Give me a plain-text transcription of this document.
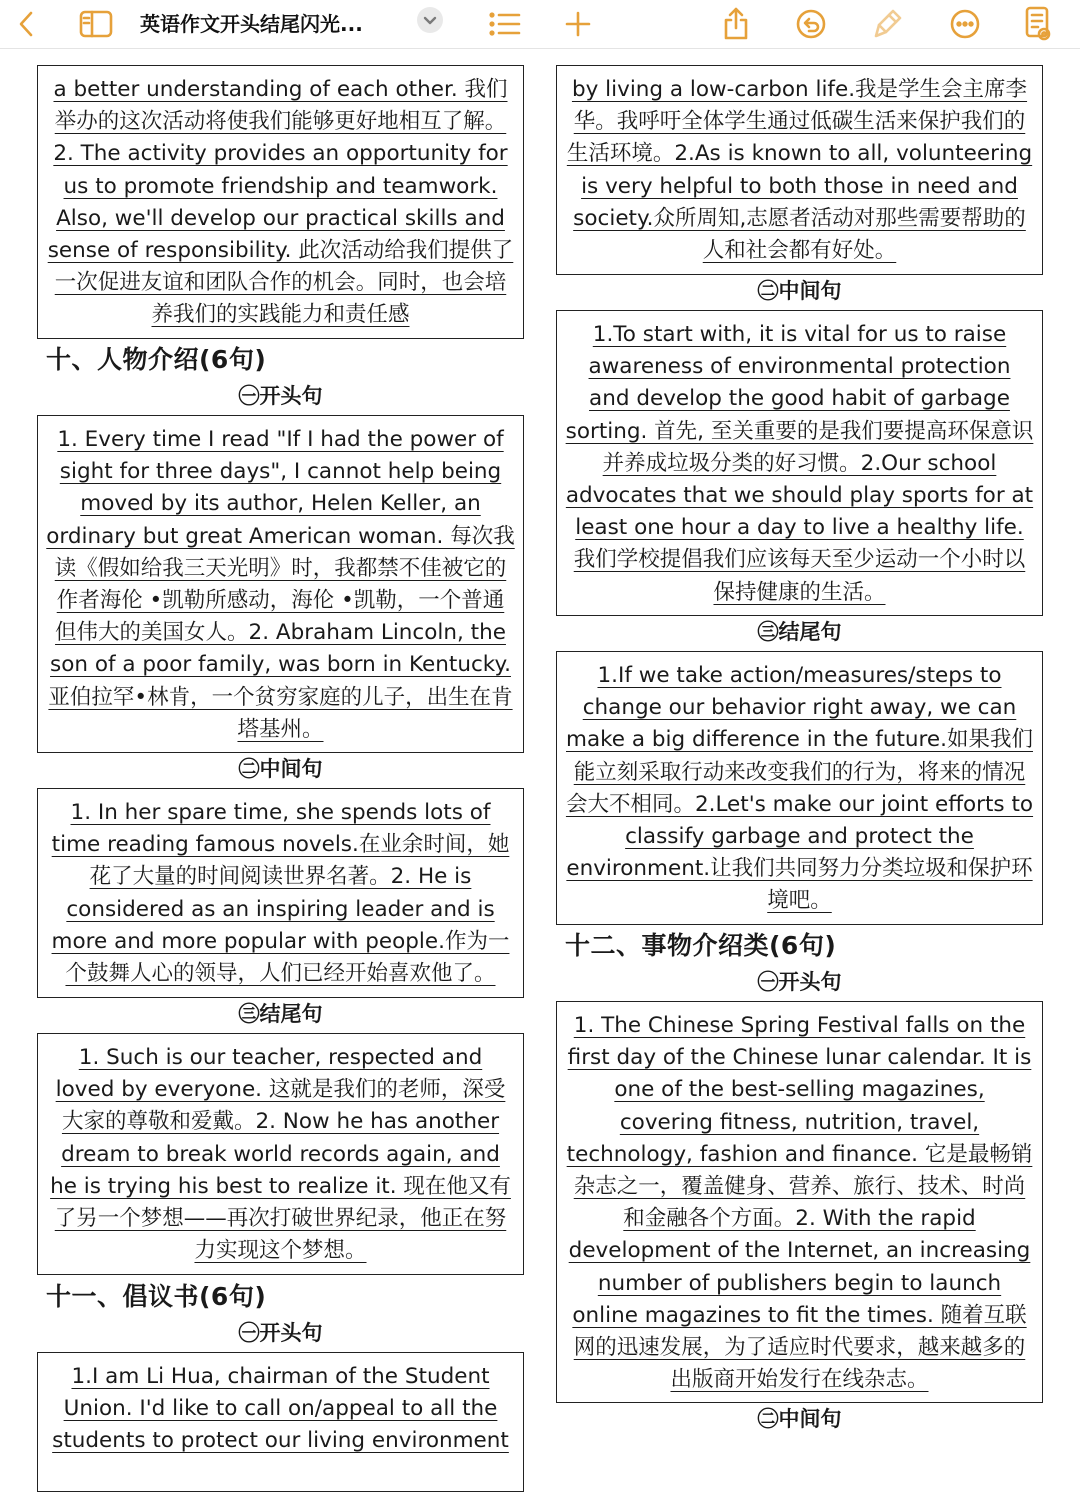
英语作文开头结尾闪光...
a better understanding of each other. 我们举办的这次活动将使我们能够更好地相互了解。2. The activity provides an opportunity for us to promote friendship and teamwork. Also, we'll develop our practical skills and sense of responsibility. 此次活动给我们提供了一次促进友谊和团队合作的机会。同时，也会培养我们的实践能力和责任感
十、人物介绍(6句)
㊀开头句
1. Every time I read "If I had the power of sight for three days", I cannot help being moved by its author, Helen Keller, an ordinary but great American woman. 每次我读《假如给我三天光明》时，我都禁不佳被它的作者海伦 •凯勒所感动，海伦 •凯勒，一个普通但伟大的美国女人。2. Abraham Lincoln, the son of a poor family, was born in Kentucky. 亚伯拉罕•林肯，一个贫穷家庭的儿子，出生在肯塔基州。
㊁中间句
1. In her spare time, she spends lots of time reading famous novels.在业余时间，她花了大量的时间阅读世界名著。2. He is considered as an inspiring leader and is more and more popular with people.作为一个鼓舞人心的领导，人们已经开始喜欢他了。
㊂结尾句
1. Such is our teacher, respected and loved by everyone. 这就是我们的老师，深受大家的尊敬和爱戴。2. Now he has another dream to break world records again, and he is trying his best to realize it. 现在他又有了另一个梦想——再次打破世界纪录，他正在努力实现这个梦想。
十一、倡议书(6句)
㊀开头句
1.I am Li Hua, chairman of the Student Union. I'd like to call on/appeal to all the students to protect our living environment
by living a low-carbon life.我是学生会主席李华。我呼吁全体学生通过低碳生活来保护我们的生活环境。2.As is known to all, volunteering is very helpful to both those in need and society.众所周知,志愿者活动对那些需要帮助的人和社会都有好处。
㊁中间句
1.To start with, it is vital for us to raise awareness of environmental protection and develop the good habit of garbage sorting. 首先, 至关重要的是我们要提高环保意识并养成垃圾分类的好习惯。2.Our school advocates that we should play sports for at least one hour a day to live a healthy life.我们学校提倡我们应该每天至少运动一个小时以保持健康的生活。
㊂结尾句
1.If we take action/measures/steps to change our behavior right away, we can make a big difference in the future.如果我们能立刻采取行动来改变我们的行为，将来的情况会大不相同。2.Let's make our joint efforts to classify garbage and protect the environment.让我们共同努力分类垃圾和保护环境吧。
十二、事物介绍类(6句)
㊀开头句
1. The Chinese Spring Festival falls on the first day of the Chinese lunar calendar. It is one of the best-selling magazines, covering fitness, nutrition, travel, technology, fashion and finance. 它是最畅销杂志之一，覆盖健身、营养、旅行、技术、时尚和金融各个方面。2. With the rapid development of the Internet, an increasing number of publishers begin to launch online magazines to fit the times. 随着互联网的迅速发展，为了适应时代要求，越来越多的出版商开始发行在线杂志。
㊁中间句
